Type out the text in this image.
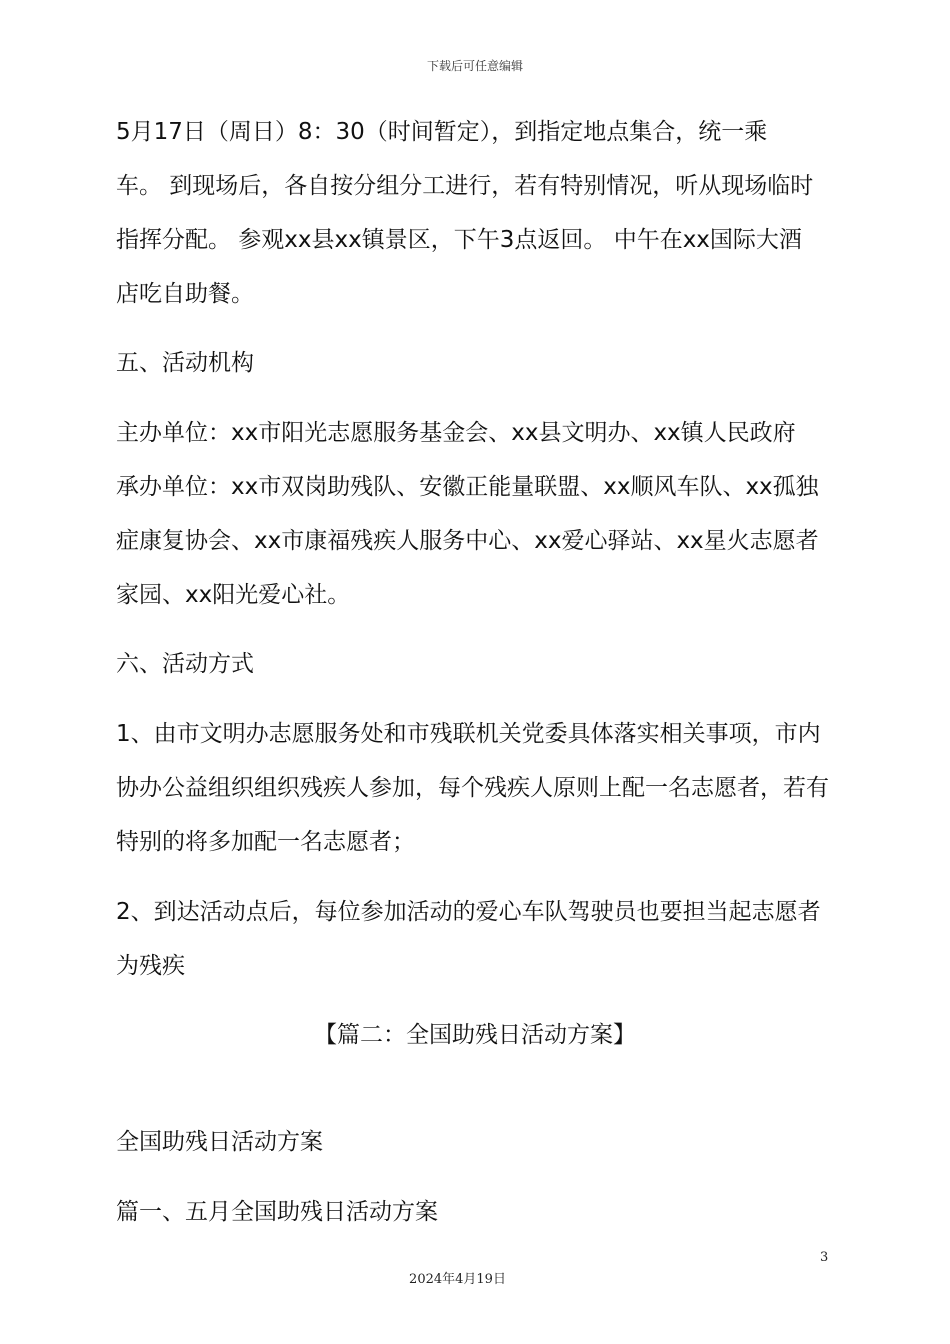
下载后可任意编辑
5月17日（周日）8：30（时间暂定），到指定地点集合，统一乘
车。 到现场后，各自按分组分工进行，若有特别情况，听从现场临时
指挥分配。 参观xx县xx镇景区，下午3点返回。 中午在xx国际大酒
店吃自助餐。
五、活动机构
主办单位：xx市阳光志愿服务基金会、xx县文明办、xx镇人民政府
承办单位：xx市双岗助残队、安徽正能量联盟、xx顺风车队、xx孤独
症康复协会、xx市康福残疾人服务中心、xx爱心驿站、xx星火志愿者
家园、xx阳光爱心社。
六、活动方式
1、由市文明办志愿服务处和市残联机关党委具体落实相关事项，市内
协办公益组织组织残疾人参加，每个残疾人原则上配一名志愿者，若有
特别的将多加配一名志愿者；
2、到达活动点后，每位参加活动的爱心车队驾驶员也要担当起志愿者
为残疾
【篇二：全国助残日活动方案】
全国助残日活动方案
篇一、五月全国助残日活动方案
3
2024年4月19日
